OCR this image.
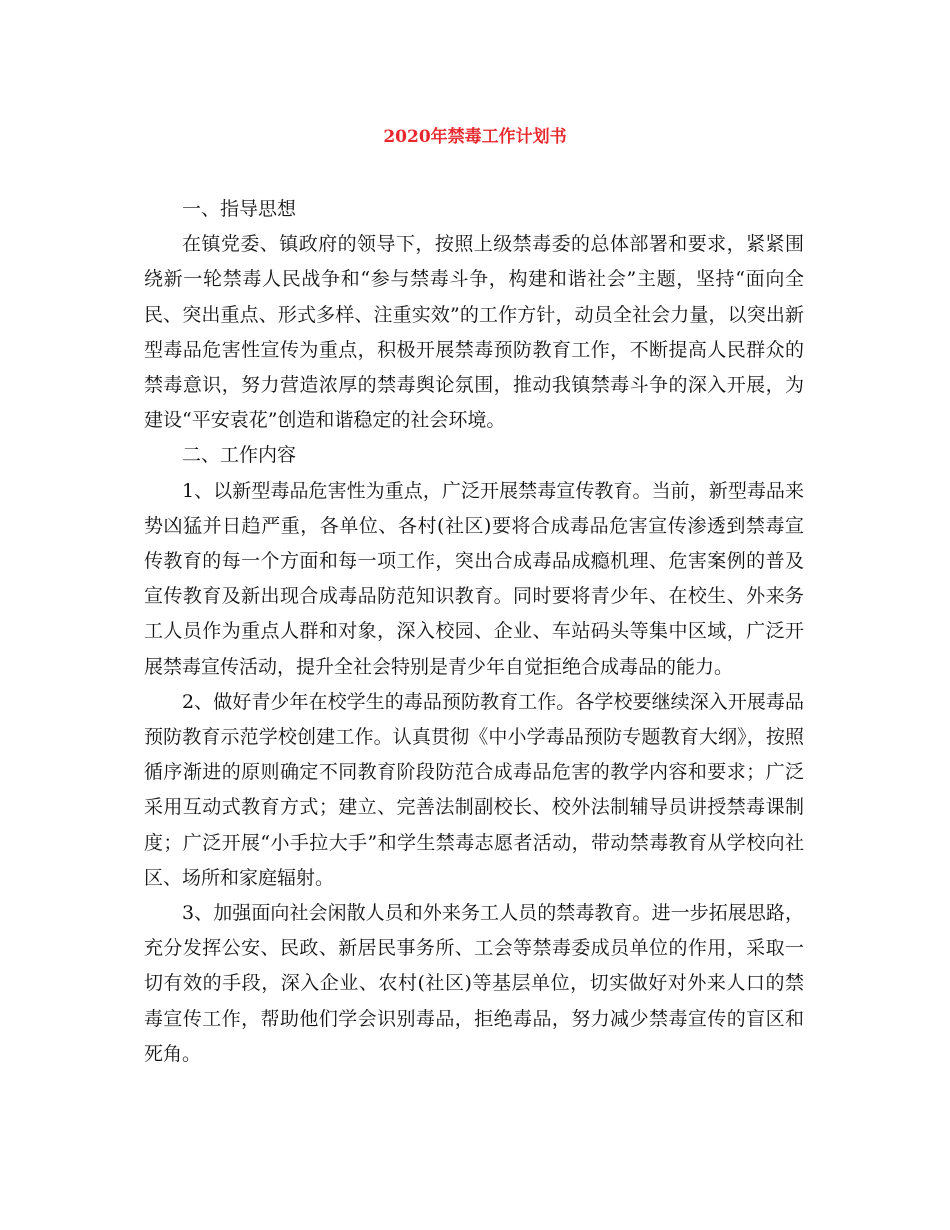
2020年禁毒工作计划书

一、指导思想

在镇党委、镇政府的领导下，按照上级禁毒委的总体部署和要求，紧紧围绕新一轮禁毒人民战争和“参与禁毒斗争，构建和谐社会”主题，坚持“面向全民、突出重点、形式多样、注重实效”的工作方针，动员全社会力量，以突出新型毒品危害性宣传为重点，积极开展禁毒预防教育工作，不断提高人民群众的禁毒意识，努力营造浓厚的禁毒舆论氛围，推动我镇禁毒斗争的深入开展，为建设“平安袁花”创造和谐稳定的社会环境。

二、工作内容

1、以新型毒品危害性为重点，广泛开展禁毒宣传教育。当前，新型毒品来势凶猛并日趋严重，各单位、各村(社区)要将合成毒品危害宣传渗透到禁毒宣传教育的每一个方面和每一项工作，突出合成毒品成瘾机理、危害案例的普及宣传教育及新出现合成毒品防范知识教育。同时要将青少年、在校生、外来务工人员作为重点人群和对象，深入校园、企业、车站码头等集中区域，广泛开展禁毒宣传活动，提升全社会特别是青少年自觉拒绝合成毒品的能力。

2、做好青少年在校学生的毒品预防教育工作。各学校要继续深入开展毒品预防教育示范学校创建工作。认真贯彻《中小学毒品预防专题教育大纲》，按照循序渐进的原则确定不同教育阶段防范合成毒品危害的教学内容和要求；广泛采用互动式教育方式；建立、完善法制副校长、校外法制辅导员讲授禁毒课制度；广泛开展“小手拉大手”和学生禁毒志愿者活动，带动禁毒教育从学校向社区、场所和家庭辐射。

3、加强面向社会闲散人员和外来务工人员的禁毒教育。进一步拓展思路，充分发挥公安、民政、新居民事务所、工会等禁毒委成员单位的作用，采取一切有效的手段，深入企业、农村(社区)等基层单位，切实做好对外来人口的禁毒宣传工作，帮助他们学会识别毒品，拒绝毒品，努力减少禁毒宣传的盲区和死角。
